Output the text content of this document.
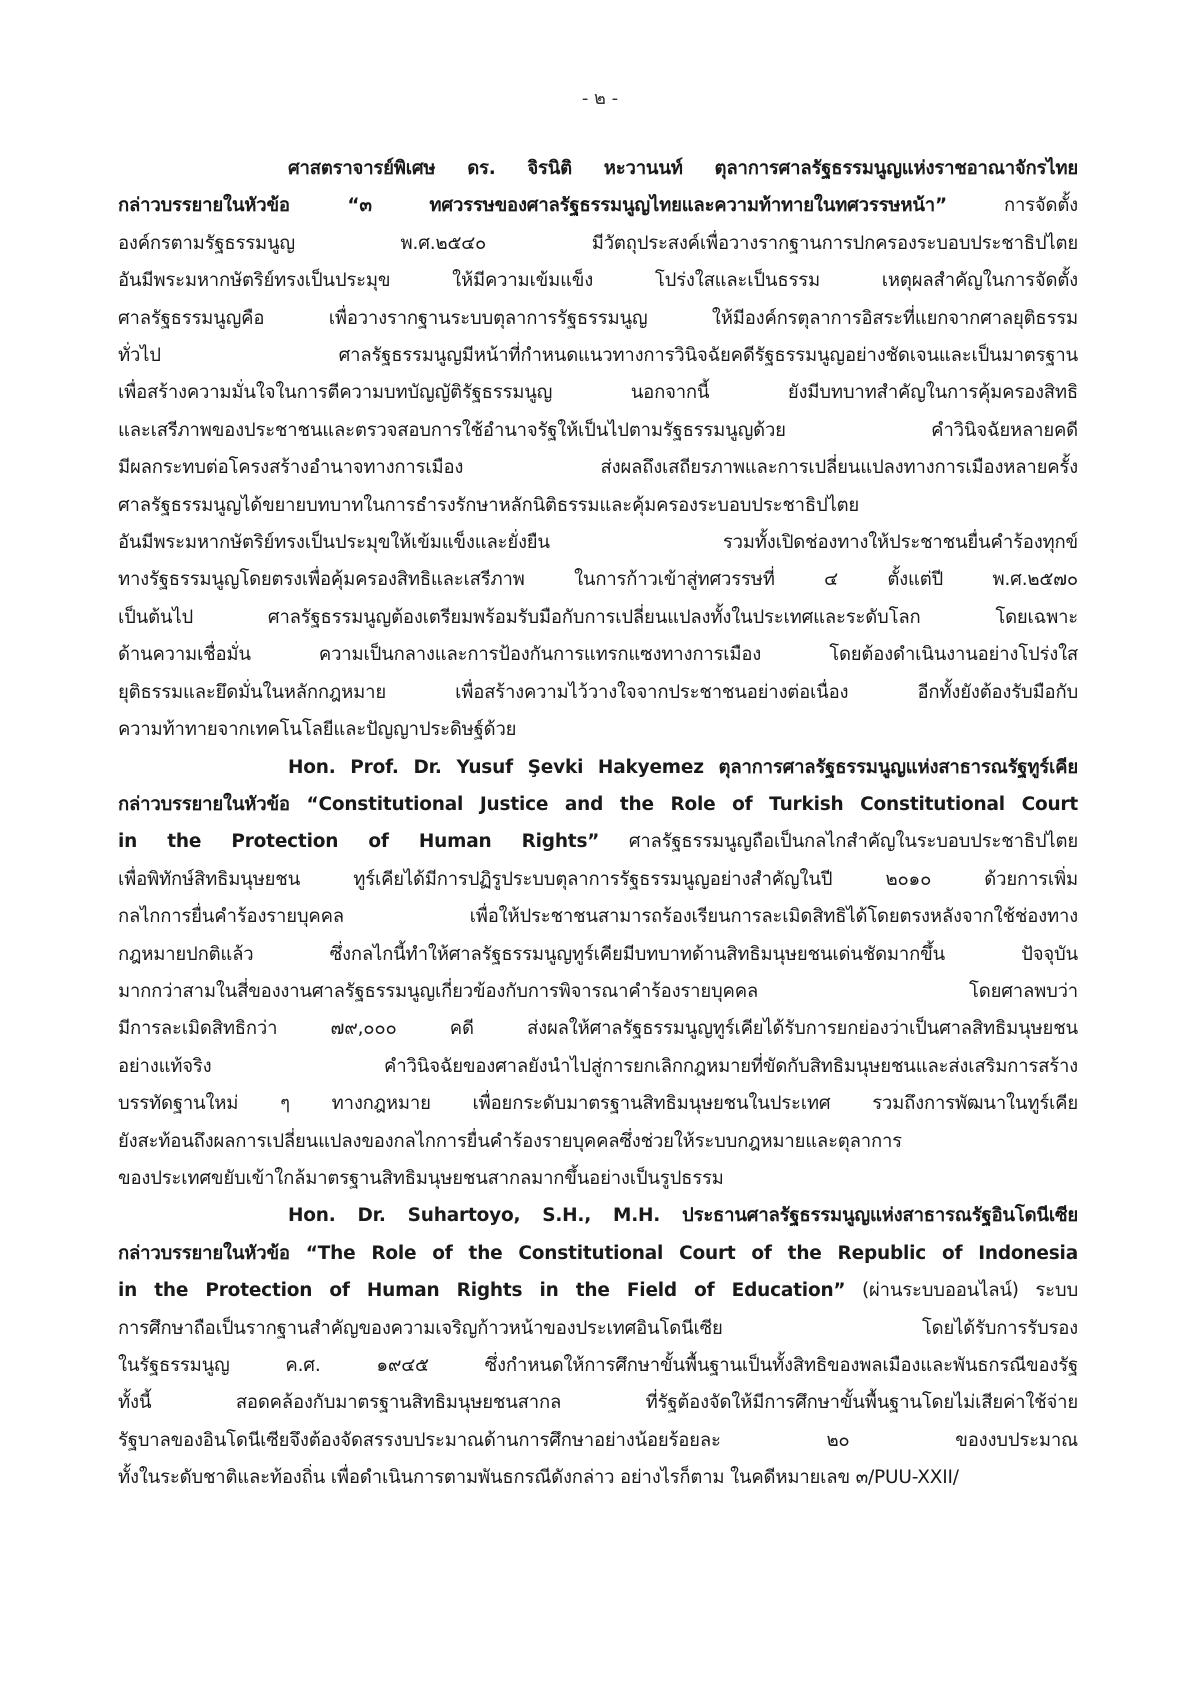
- ๒ -
ศาสตราจารย์พิเศษ ดร. จิรนิติ หะวานนท์ ตุลาการศาลรัฐธรรมนูญแห่งราชอาณาจักรไทย
กล่าวบรรยายในหัวข้อ “๓ ทศวรรษของศาลรัฐธรรมนูญไทยและความท้าทายในทศวรรษหน้า” การจัดตั้ง
องค์กรตามรัฐธรรมนูญ พ.ศ.๒๕๔๐ มีวัตถุประสงค์เพื่อวางรากฐานการปกครองระบอบประชาธิปไตย
อันมีพระมหากษัตริย์ทรงเป็นประมุข ให้มีความเข้มแข็ง โปร่งใสและเป็นธรรม เหตุผลสำคัญในการจัดตั้ง
ศาลรัฐธรรมนูญคือ เพื่อวางรากฐานระบบตุลาการรัฐธรรมนูญ ให้มีองค์กรตุลาการอิสระที่แยกจากศาลยุติธรรม
ทั่วไป ศาลรัฐธรรมนูญมีหน้าที่กำหนดแนวทางการวินิจฉัยคดีรัฐธรรมนูญอย่างชัดเจนและเป็นมาตรฐาน
เพื่อสร้างความมั่นใจในการตีความบทบัญญัติรัฐธรรมนูญ นอกจากนี้ ยังมีบทบาทสำคัญในการคุ้มครองสิทธิ
และเสรีภาพของประชาชนและตรวจสอบการใช้อำนาจรัฐให้เป็นไปตามรัฐธรรมนูญด้วย คำวินิจฉัยหลายคดี
มีผลกระทบต่อโครงสร้างอำนาจทางการเมือง ส่งผลถึงเสถียรภาพและการเปลี่ยนแปลงทางการเมืองหลายครั้ง
ศาลรัฐธรรมนูญได้ขยายบทบาทในการธำรงรักษาหลักนิติธรรมและคุ้มครองระบอบประชาธิปไตย
อันมีพระมหากษัตริย์ทรงเป็นประมุขให้เข้มแข็งและยั่งยืน รวมทั้งเปิดช่องทางให้ประชาชนยื่นคำร้องทุกข์
ทางรัฐธรรมนูญโดยตรงเพื่อคุ้มครองสิทธิและเสรีภาพ ในการก้าวเข้าสู่ทศวรรษที่ ๔ ตั้งแต่ปี พ.ศ.๒๕๗๐
เป็นต้นไป ศาลรัฐธรรมนูญต้องเตรียมพร้อมรับมือกับการเปลี่ยนแปลงทั้งในประเทศและระดับโลก โดยเฉพาะ
ด้านความเชื่อมั่น ความเป็นกลางและการป้องกันการแทรกแซงทางการเมือง โดยต้องดำเนินงานอย่างโปร่งใส
ยุติธรรมและยึดมั่นในหลักกฎหมาย เพื่อสร้างความไว้วางใจจากประชาชนอย่างต่อเนื่อง อีกทั้งยังต้องรับมือกับ
ความท้าทายจากเทคโนโลยีและปัญญาประดิษฐ์ด้วย
Hon. Prof. Dr. Yusuf Şevki Hakyemez ตุลาการศาลรัฐธรรมนูญแห่งสาธารณรัฐทูร์เคีย
กล่าวบรรยายในหัวข้อ “Constitutional Justice and the Role of Turkish Constitutional Court
in the Protection of Human Rights” ศาลรัฐธรรมนูญถือเป็นกลไกสำคัญในระบอบประชาธิปไตย
เพื่อพิทักษ์สิทธิมนุษยชน ทูร์เคียได้มีการปฏิรูประบบตุลาการรัฐธรรมนูญอย่างสำคัญในปี ๒๐๑๐ ด้วยการเพิ่ม
กลไกการยื่นคำร้องรายบุคคล เพื่อให้ประชาชนสามารถร้องเรียนการละเมิดสิทธิได้โดยตรงหลังจากใช้ช่องทาง
กฎหมายปกติแล้ว ซึ่งกลไกนี้ทำให้ศาลรัฐธรรมนูญทูร์เคียมีบทบาทด้านสิทธิมนุษยชนเด่นชัดมากขึ้น ปัจจุบัน
มากกว่าสามในสี่ของงานศาลรัฐธรรมนูญเกี่ยวข้องกับการพิจารณาคำร้องรายบุคคล โดยศาลพบว่า
มีการละเมิดสิทธิกว่า ๗๙,๐๐๐ คดี ส่งผลให้ศาลรัฐธรรมนูญทูร์เคียได้รับการยกย่องว่าเป็นศาลสิทธิมนุษยชน
อย่างแท้จริง คำวินิจฉัยของศาลยังนำไปสู่การยกเลิกกฎหมายที่ขัดกับสิทธิมนุษยชนและส่งเสริมการสร้าง
บรรทัดฐานใหม่ ๆ ทางกฎหมาย เพื่อยกระดับมาตรฐานสิทธิมนุษยชนในประเทศ รวมถึงการพัฒนาในทูร์เคีย
ยังสะท้อนถึงผลการเปลี่ยนแปลงของกลไกการยื่นคำร้องรายบุคคลซึ่งช่วยให้ระบบกฎหมายและตุลาการ
ของประเทศขยับเข้าใกล้มาตรฐานสิทธิมนุษยชนสากลมากขึ้นอย่างเป็นรูปธรรม
Hon. Dr. Suhartoyo, S.H., M.H. ประธานศาลรัฐธรรมนูญแห่งสาธารณรัฐอินโดนีเซีย
กล่าวบรรยายในหัวข้อ “The Role of the Constitutional Court of the Republic of Indonesia
in the Protection of Human Rights in the Field of Education” (ผ่านระบบออนไลน์) ระบบ
การศึกษาถือเป็นรากฐานสำคัญของความเจริญก้าวหน้าของประเทศอินโดนีเซีย โดยได้รับการรับรอง
ในรัฐธรรมนูญ ค.ศ. ๑๙๔๕ ซึ่งกำหนดให้การศึกษาขั้นพื้นฐานเป็นทั้งสิทธิของพลเมืองและพันธกรณีของรัฐ
ทั้งนี้ สอดคล้องกับมาตรฐานสิทธิมนุษยชนสากล ที่รัฐต้องจัดให้มีการศึกษาขั้นพื้นฐานโดยไม่เสียค่าใช้จ่าย
รัฐบาลของอินโดนีเซียจึงต้องจัดสรรงบประมาณด้านการศึกษาอย่างน้อยร้อยละ ๒๐ ของงบประมาณ
ทั้งในระดับชาติและท้องถิ่น เพื่อดำเนินการตามพันธกรณีดังกล่าว อย่างไรก็ตาม ในคดีหมายเลข ๓/PUU-XXII/
